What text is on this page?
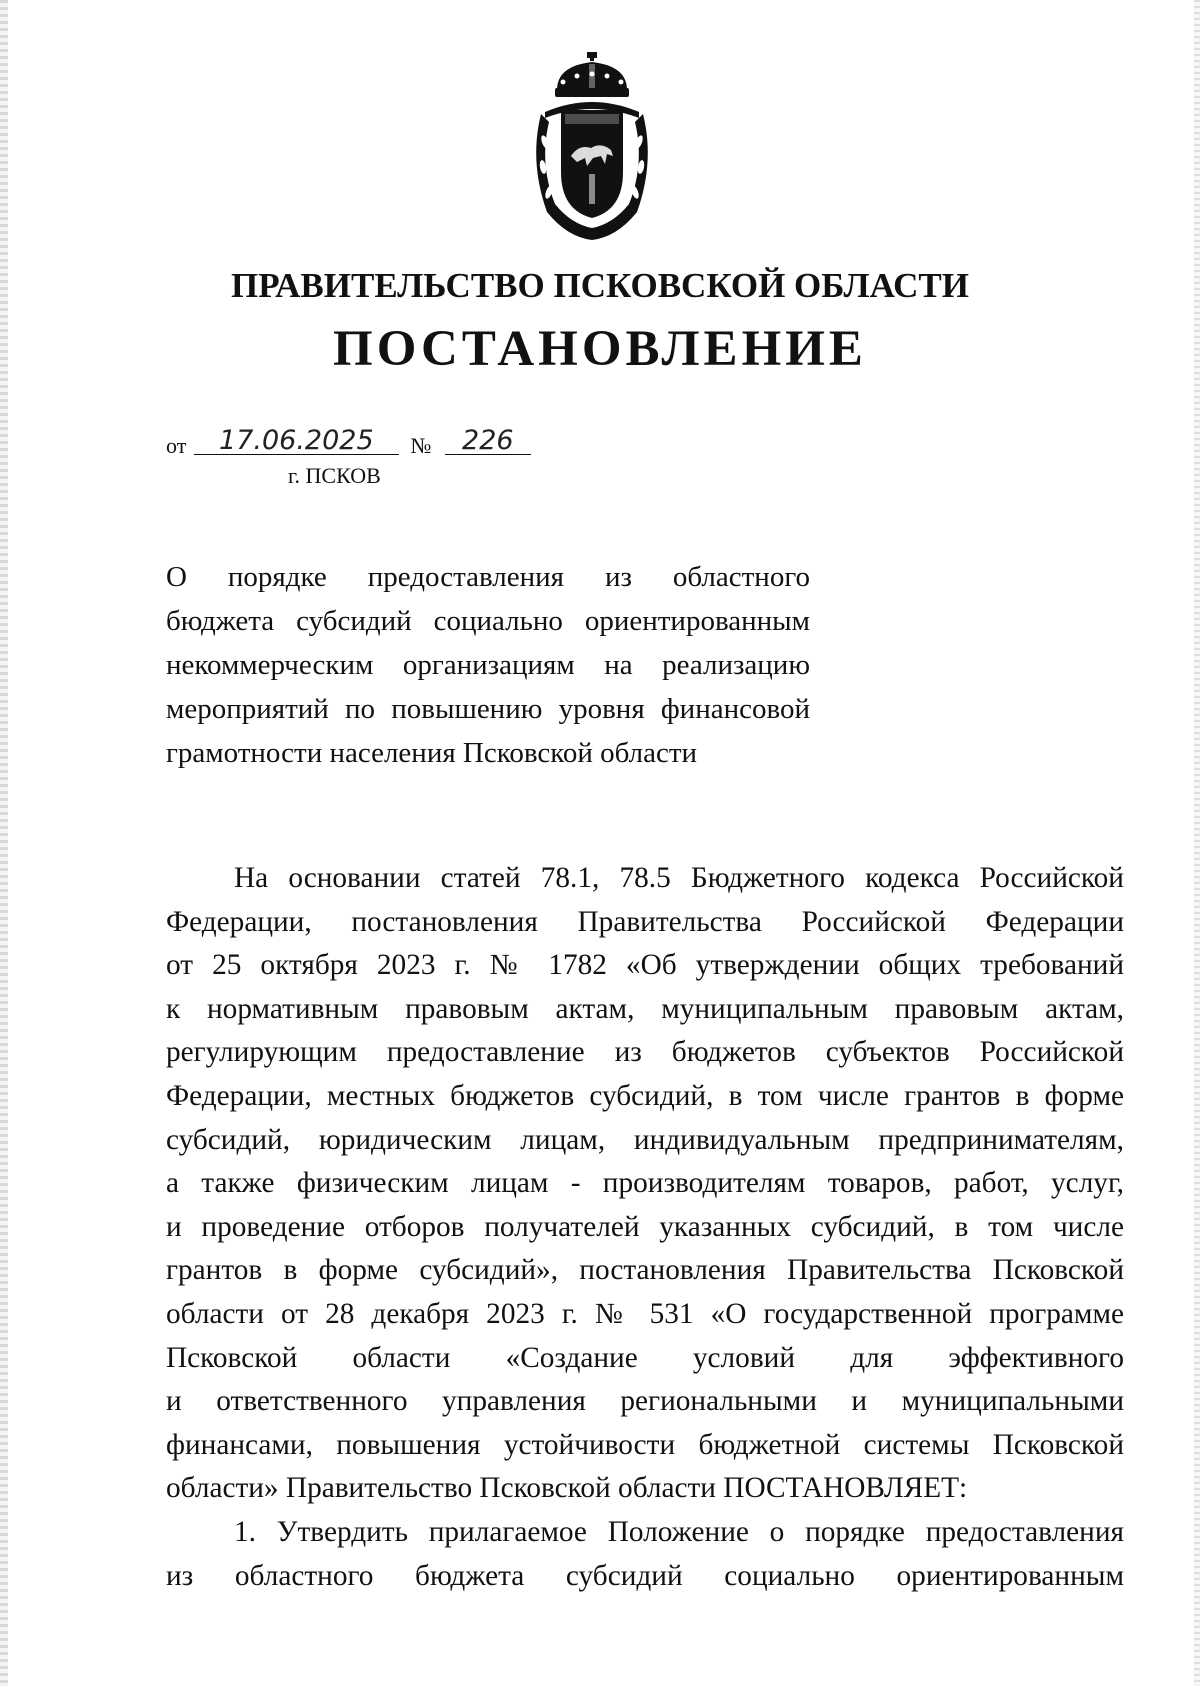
ПРАВИТЕЛЬСТВО ПСКОВСКОЙ ОБЛАСТИ
ПОСТАНОВЛЕНИЕ
от 17.06.2025 № 226
г. ПСКОВ
О порядке предоставления из областного
бюджета субсидий социально ориентированным
некоммерческим организациям на реализацию
мероприятий по повышению уровня финансовой
грамотности населения Псковской области
На основании статей 78.1, 78.5 Бюджетного кодекса Российской
Федерации, постановления Правительства Российской Федерации
от 25 октября 2023 г. № 1782 «Об утверждении общих требований
к нормативным правовым актам, муниципальным правовым актам,
регулирующим предоставление из бюджетов субъектов Российской
Федерации, местных бюджетов субсидий, в том числе грантов в форме
субсидий, юридическим лицам, индивидуальным предпринимателям,
а также физическим лицам - производителям товаров, работ, услуг,
и проведение отборов получателей указанных субсидий, в том числе
грантов в форме субсидий», постановления Правительства Псковской
области от 28 декабря 2023 г. № 531 «О государственной программе
Псковской области «Создание условий для эффективного
и ответственного управления региональными и муниципальными
финансами, повышения устойчивости бюджетной системы Псковской
области» Правительство Псковской области ПОСТАНОВЛЯЕТ:
1. Утвердить прилагаемое Положение о порядке предоставления
из областного бюджета субсидий социально ориентированным
